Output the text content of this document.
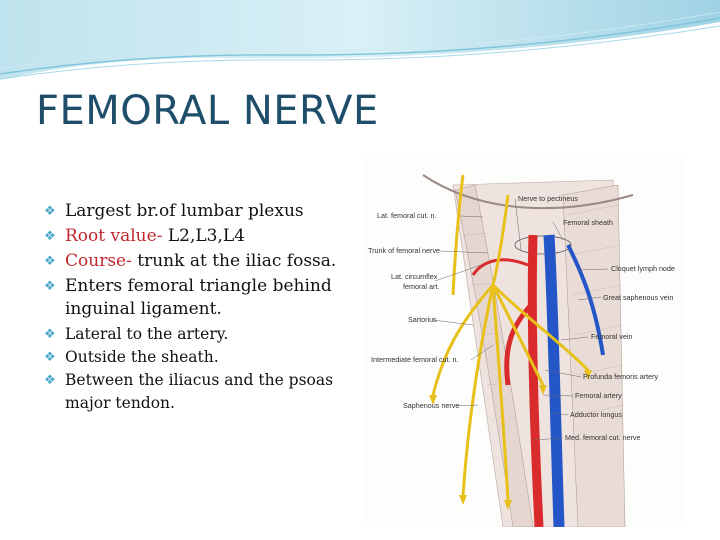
FEMORAL NERVE
❖ Largest br.of lumbar plexus
❖ Root value- L2,L3,L4
❖ Course- trunk at the iliac fossa.
❖ Enters femoral triangle behind inguinal ligament.
❖ Lateral to the artery.
❖ Outside the sheath.
❖ Between the iliacus and the psoas major tendon.
Lat. femoral cut. n.
Trunk of femoral nerve
Lat. circumflex
femoral art.
Sartorius
Intermediate femoral cut. n.
Saphenous nerve
Nerve to pectineus
Femoral sheath
Cloquet lymph node
Great saphenous vein
Femoral vein
Profunda femoris artery
Femoral artery
Adductor longus
Med. femoral cut. nerve
